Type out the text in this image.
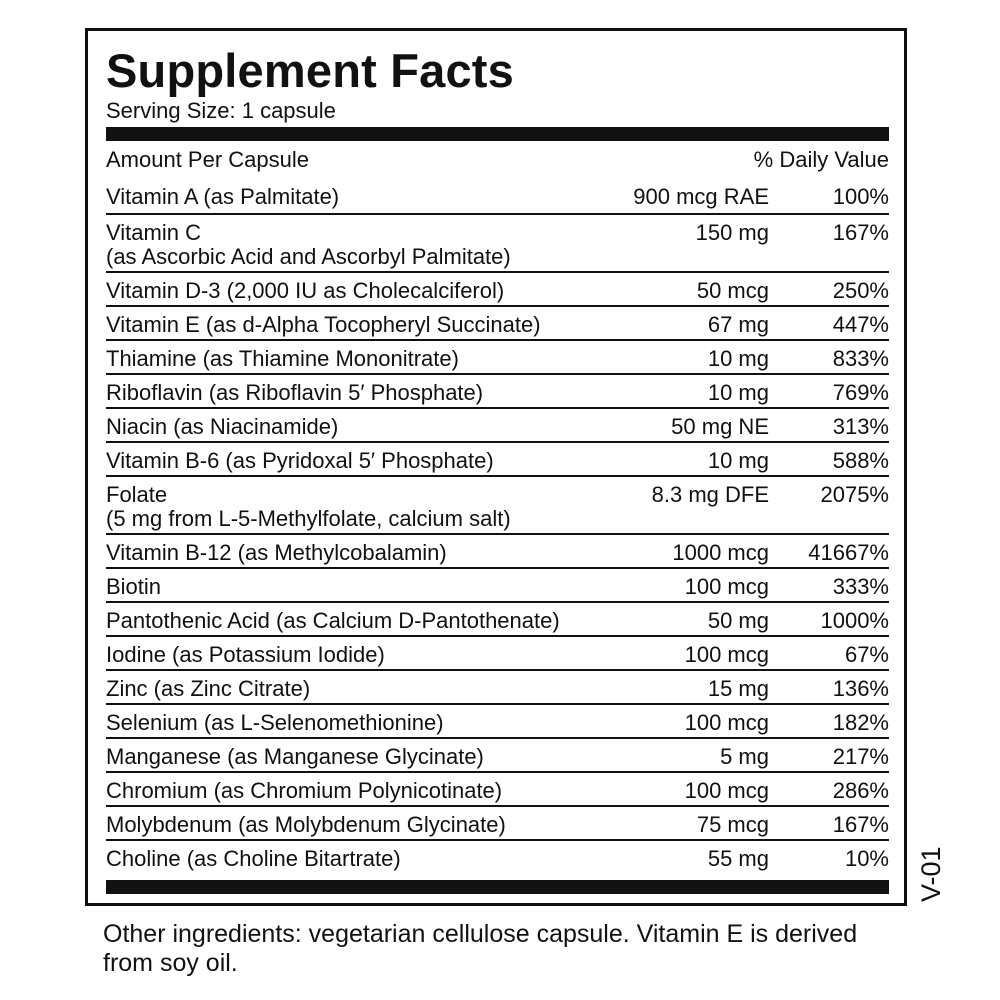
Supplement Facts
Serving Size: 1 capsule
Amount Per Capsule	% Daily Value
Vitamin A (as Palmitate)	900 mcg RAE	100%
Vitamin C
(as Ascorbic Acid and Ascorbyl Palmitate)
150 mg	167%
Vitamin D-3 (2,000 IU as Cholecalciferol)	50 mcg	250%
Vitamin E (as d-Alpha Tocopheryl Succinate)	67 mg	447%
Thiamine (as Thiamine Mononitrate)	10 mg	833%
Riboflavin (as Riboflavin 5′ Phosphate)	10 mg	769%
Niacin (as Niacinamide)	50 mg NE	313%
Vitamin B-6 (as Pyridoxal 5′ Phosphate)	10 mg	588%
Folate
(5 mg from L-5-Methylfolate, calcium salt)
8.3 mg DFE 2075%
Vitamin B-12 (as Methylcobalamin)	1000 mcg 41667%
Biotin	100 mcg	333%
Pantothenic Acid (as Calcium D-Pantothenate)	50 mg 1000%
Iodine (as Potassium Iodide)	100 mcg	67%
Zinc (as Zinc Citrate)	15 mg	136%
Selenium (as L-Selenomethionine)	100 mcg	182%
Manganese (as Manganese Glycinate)	5 mg	217%
Chromium (as Chromium Polynicotinate)	100 mcg	286%
Molybdenum (as Molybdenum Glycinate)	75 mcg	167%
Choline (as Choline Bitartrate)	55 mg	10% V-01
Other ingredients: vegetarian cellulose capsule. Vitamin E is derived from soy oil.
